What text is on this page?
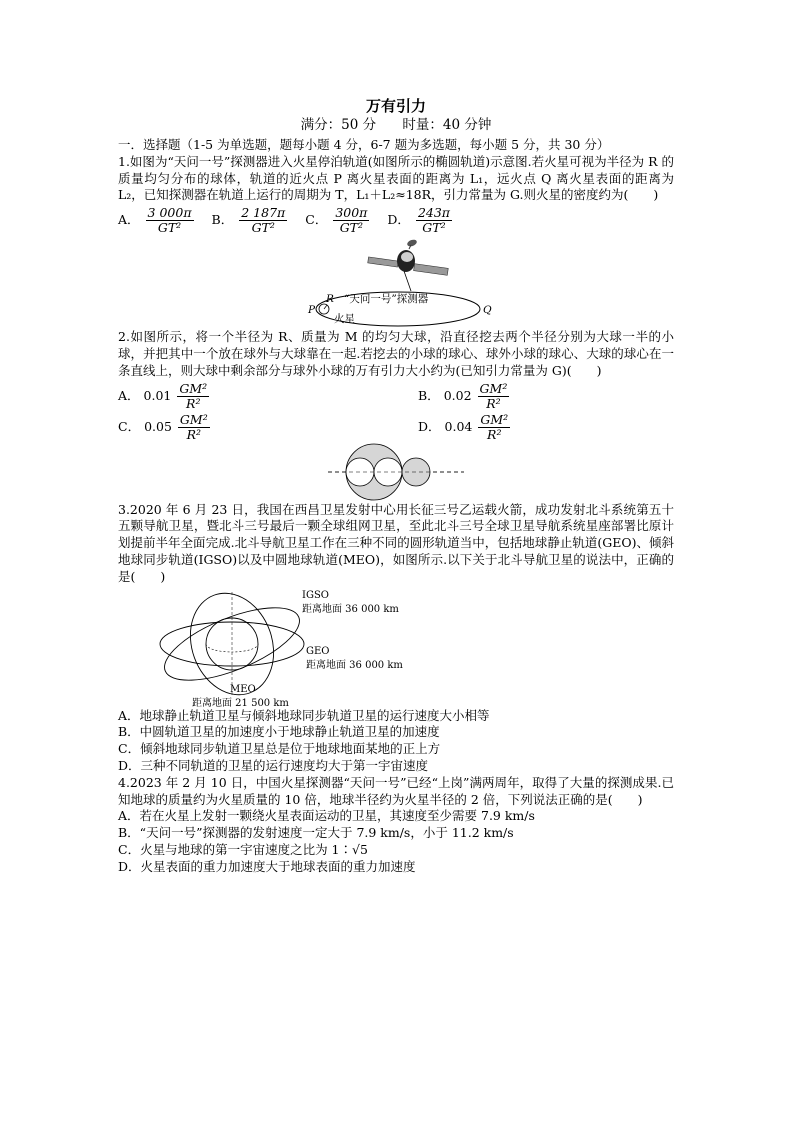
万有引力
满分：50 分 时量：40 分钟

一．选择题（1-5 为单选题，题每小题 4 分，6-7 题为多选题，每小题 5 分，共 30 分）

1.如图为“天问一号”探测器进入火星停泊轨道(如图所示的椭圆轨道)示意图.若火星可视为半径为 R 的质量均匀分布的球体，轨道的近火点 P 离火星表面的距离为 L₁，远火点 Q 离火星表面的距离为 L₂，已知探测器在轨道上运行的周期为 T，L₁＋L₂≈18R，引力常量为 G.则火星的密度约为(　　)

A． $\frac{3 000\pi}{\text{GT²}}$ B． $\frac{2 187\pi}{\text{GT²}}$ C． $\frac{300\pi}{\text{GT²}}$ D． $\frac{243\pi}{\text{GT²}}$
R
P	Q
“天问一号”探测器
火星

2.如图所示，将一个半径为 R、质量为 M 的均匀大球，沿直径挖去两个半径分别为大球一半的小球，并把其中一个放在球外与大球靠在一起.若挖去的小球的球心、球外小球的球心、大球的球心在一条直线上，则大球中剩余部分与球外小球的万有引力大小约为(已知引力常量为 G)(　　)

A． $0.01 \frac{\text{GM²}}{\text{R²}}$	B． $0.02 \frac{\text{GM²}}{\text{R²}}$
C． $0.05 \frac{\text{GM²}}{\text{R²}}$	D． $0.04 \frac{\text{GM²}}{\text{R²}}$

3.2020 年 6 月 23 日，我国在西昌卫星发射中心用长征三号乙运载火箭，成功发射北斗系统第五十五颗导航卫星，暨北斗三号最后一颗全球组网卫星，至此北斗三号全球卫星导航系统星座部署比原计划提前半年全面完成.北斗导航卫星工作在三种不同的圆形轨道当中，包括地球静止轨道(GEO)、倾斜地球同步轨道(IGSO)以及中圆地球轨道(MEO)，如图所示.以下关于北斗导航卫星的说法中，正确的是(　　)

IGSO
距离地面 36 000 km
GEO
距离地面 36 000 km
MEO
距离地面 21 500 km

A．地球静止轨道卫星与倾斜地球同步轨道卫星的运行速度大小相等

B．中圆轨道卫星的加速度小于地球静止轨道卫星的加速度

C．倾斜地球同步轨道卫星总是位于地球地面某地的正上方

D．三种不同轨道的卫星的运行速度均大于第一宇宙速度

4.2023 年 2 月 10 日，中国火星探测器“天问一号”已经“上岗”满两周年，取得了大量的探测成果.已知地球的质量约为火星质量的 10 倍，地球半径约为火星半径的 2 倍，下列说法正确的是(　　)

A．若在火星上发射一颗绕火星表面运动的卫星，其速度至少需要 7.9 km/s

B．“天问一号”探测器的发射速度一定大于 7.9 km/s，小于 11.2 km/s

C．火星与地球的第一宇宙速度之比为 1∶√5

D．火星表面的重力加速度大于地球表面的重力加速度
